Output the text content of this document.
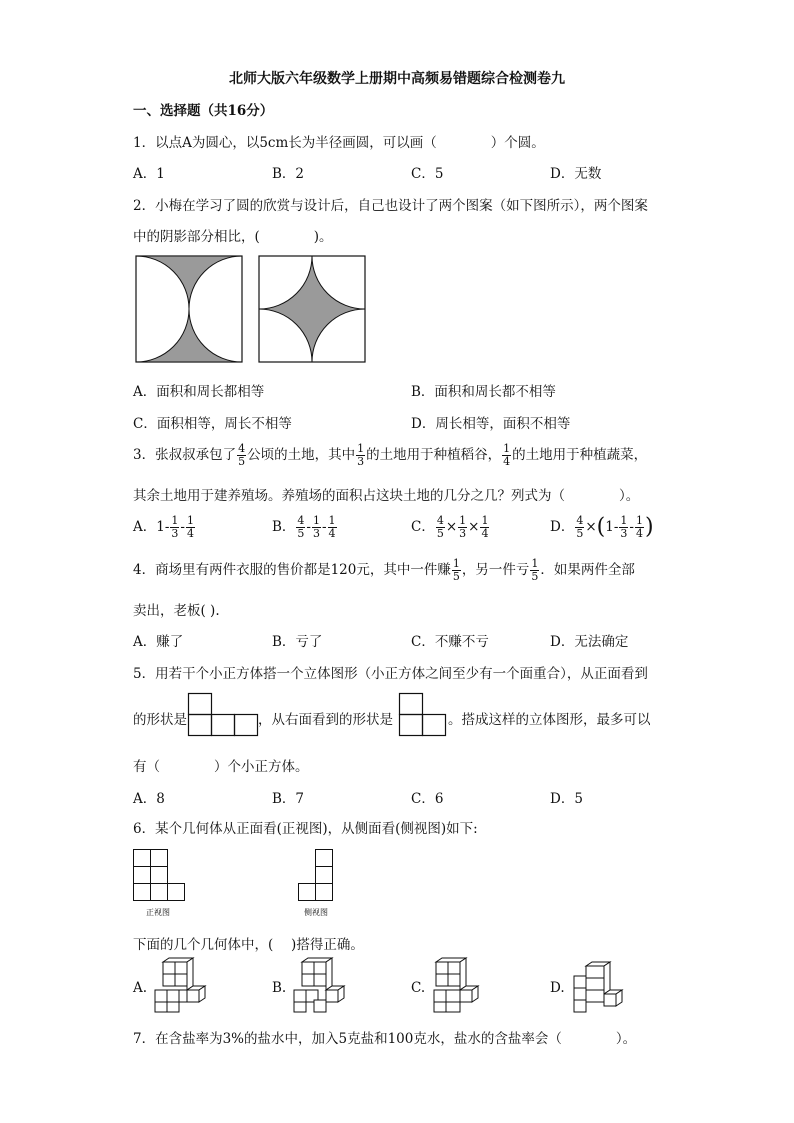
北师大版六年级数学上册期中高频易错题综合检测卷九
一、选择题（共16分）
1．以点A为圆心，以5cm长为半径画圆，可以画（　　　　）个圆。
A．1	B．2	C．5	D．无数
2．小梅在学习了圆的欣赏与设计后，自己也设计了两个图案（如下图所示），两个图案
中的阴影部分相比，(　　　　)。
A．面积和周长都相等	B．面积和周长都不相等
C．面积相等，周长不相等	D．周长相等，面积不相等
3．张叔叔承包了 $\frac{4}{5}$ 公顷的土地，其中 $\frac{1}{3}$ 的土地用于种植稻谷， $\frac{1}{4}$ 的土地用于种植蔬菜，
其余土地用于建养殖场。养殖场的面积占这块土地的几分之几？列式为（　　　　）。
A．$1- \frac{1}{3} - \frac{1}{4}$	B． $\frac{4}{5} - \frac{1}{3} - \frac{1}{4}$	C． $\frac{4}{5} \times \frac{1}{3} \times \frac{1}{4}$	D． $\frac{4}{5} \times(1- \frac{1}{3} - \frac{1}{4}$ )
4．商场里有两件衣服的售价都是120元，其中一件赚 $\frac{1}{5}$ ，另一件亏 $\frac{1}{5}$ ．如果两件全部
卖出，老板( ).
A．赚了	B．亏了	C．不赚不亏	D．无法确定
5．用若干个小正方体搭一个立体图形（小正方体之间至少有一个面重合），从正面看到
的形状是	，从右面看到的形状是	。搭成这样的立体图形，最多可以
有（　　　　）个小正方体。
A．8	B．7	C．6	D．5
6．某个几何体从正面看(正视图)，从侧面看(侧视图)如下:
正视图	侧视图
下面的几个几何体中，(　 )搭得正确。
A.	B.	C.	D.
7．在含盐率为3%的盐水中，加入5克盐和100克水，盐水的含盐率会（　　　　）。
